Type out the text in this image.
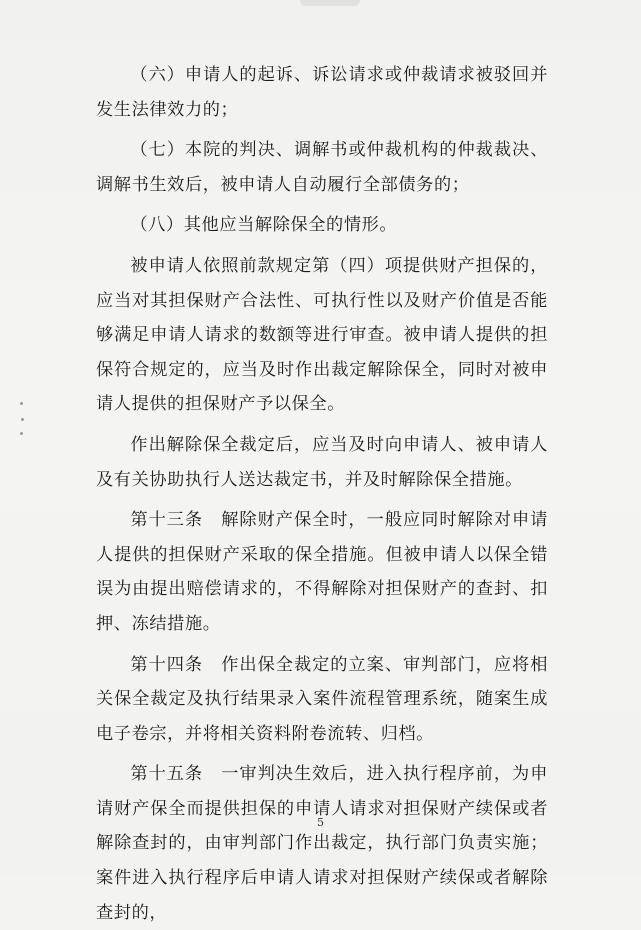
（六）申请人的起诉、诉讼请求或仲裁请求被驳回并发生法律效力的；

（七）本院的判决、调解书或仲裁机构的仲裁裁决、调解书生效后，被申请人自动履行全部债务的；

（八）其他应当解除保全的情形。

被申请人依照前款规定第（四）项提供财产担保的，应当对其担保财产合法性、可执行性以及财产价值是否能够满足申请人请求的数额等进行审查。被申请人提供的担保符合规定的，应当及时作出裁定解除保全，同时对被申请人提供的担保财产予以保全。

作出解除保全裁定后，应当及时向申请人、被申请人及有关协助执行人送达裁定书，并及时解除保全措施。

第十三条　解除财产保全时，一般应同时解除对申请人提供的担保财产采取的保全措施。但被申请人以保全错误为由提出赔偿请求的，不得解除对担保财产的查封、扣押、冻结措施。

第十四条　作出保全裁定的立案、审判部门，应将相关保全裁定及执行结果录入案件流程管理系统，随案生成电子卷宗，并将相关资料附卷流转、归档。

第十五条　一审判决生效后，进入执行程序前，为申请财产保全而提供担保的申请人请求对担保财产续保或者解除查封的，由审判部门作出裁定，执行部门负责实施；案件进入执行程序后申请人请求对担保财产续保或者解除查封的，

5
